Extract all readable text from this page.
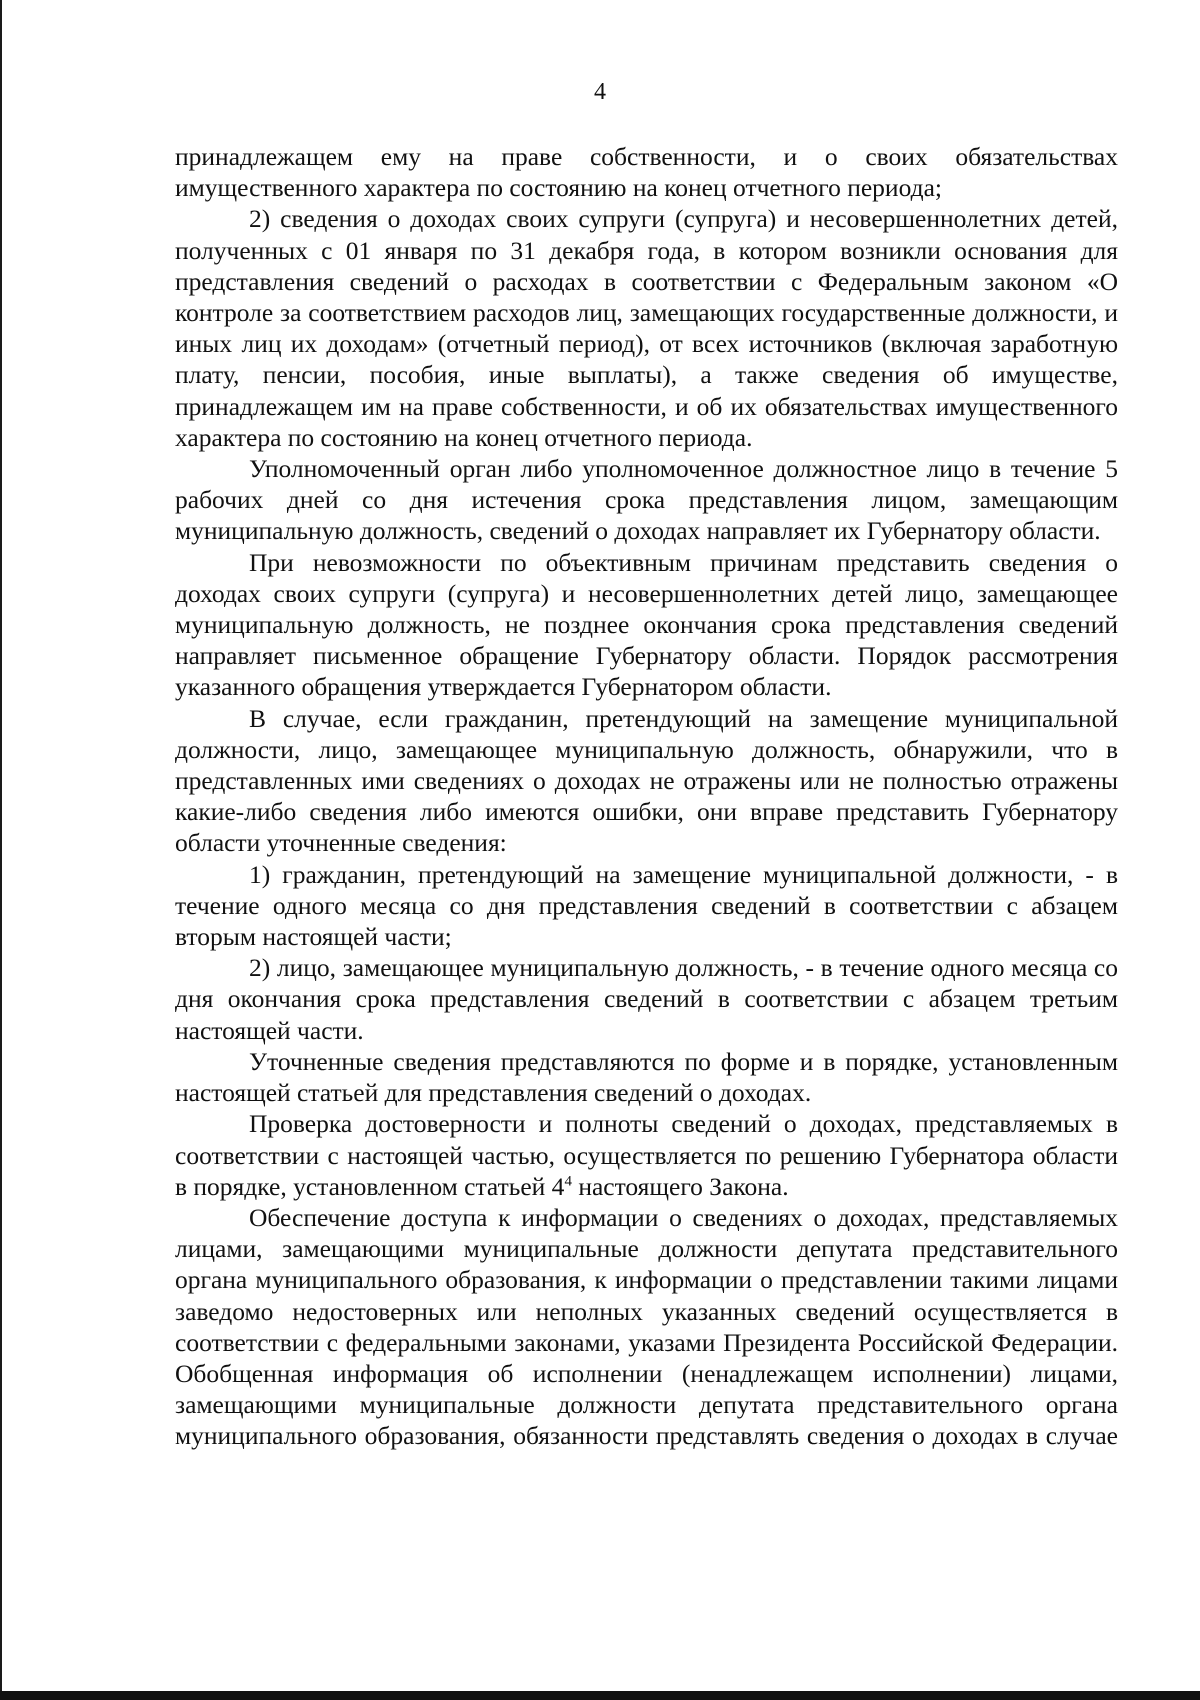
4

принадлежащем ему на праве собственности, и о своих обязательствах имущественного характера по состоянию на конец отчетного периода;

2) сведения о доходах своих супруги (супруга) и несовершеннолетних детей, полученных с 01 января по 31 декабря года, в котором возникли основания для представления сведений о расходах в соответствии с Федеральным законом «О контроле за соответствием расходов лиц, замещающих государственные должности, и иных лиц их доходам» (отчетный период), от всех источников (включая заработную плату, пенсии, пособия, иные выплаты), а также сведения об имуществе, принадлежащем им на праве собственности, и об их обязательствах имущественного характера по состоянию на конец отчетного периода.

Уполномоченный орган либо уполномоченное должностное лицо в течение 5 рабочих дней со дня истечения срока представления лицом, замещающим муниципальную должность, сведений о доходах направляет их Губернатору области.

При невозможности по объективным причинам представить сведения о доходах своих супруги (супруга) и несовершеннолетних детей лицо, замещающее муниципальную должность, не позднее окончания срока представления сведений направляет письменное обращение Губернатору области. Порядок рассмотрения указанного обращения утверждается Губернатором области.

В случае, если гражданин, претендующий на замещение муниципальной должности, лицо, замещающее муниципальную должность, обнаружили, что в представленных ими сведениях о доходах не отражены или не полностью отражены какие-либо сведения либо имеются ошибки, они вправе представить Губернатору области уточненные сведения:

1) гражданин, претендующий на замещение муниципальной должности, - в течение одного месяца со дня представления сведений в соответствии с абзацем вторым настоящей части;

2) лицо, замещающее муниципальную должность, - в течение одного месяца со дня окончания срока представления сведений в соответствии с абзацем третьим настоящей части.

Уточненные сведения представляются по форме и в порядке, установленным настоящей статьей для представления сведений о доходах.

Проверка достоверности и полноты сведений о доходах, представляемых в соответствии с настоящей частью, осуществляется по решению Губернатора области в порядке, установленном статьей $4^4$ настоящего Закона.

Обеспечение доступа к информации о сведениях о доходах, представляемых лицами, замещающими муниципальные должности депутата представительного органа муниципального образования, к информации о представлении такими лицами заведомо недостоверных или неполных указанных сведений осуществляется в соответствии с федеральными законами, указами Президента Российской Федерации. Обобщенная информация об исполнении (ненадлежащем исполнении) лицами, замещающими муниципальные должности депутата представительного органа муниципального образования, обязанности представлять сведения о доходах в случае
